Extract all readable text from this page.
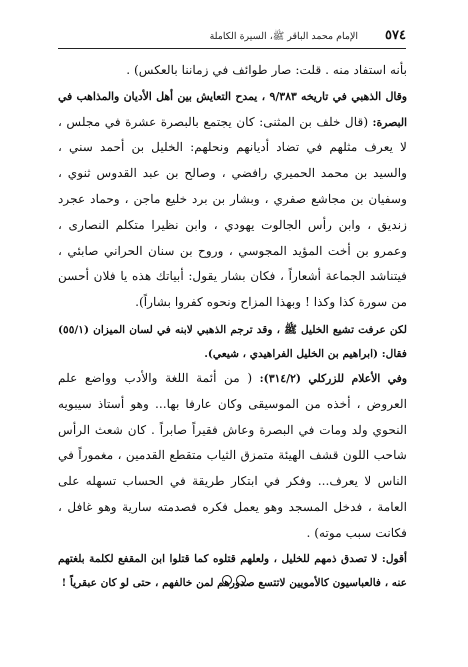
٥٧٤
الإمام محمد الباقر ﷺ، السيرة الكاملة

بأنه استفاد منه . قلت: صار طوائف في زماننا بالعكس) .

وقال الذهبي في تاريخه ٩/٣٨٣ ، يمدح التعايش بين أهل الأديان والمذاهب في البصرة: (قال خلف بن المثنى: كان يجتمع بالبصرة عشرة في مجلس ، لا يعرف مثلهم في تضاد أديانهم ونحلهم: الخليل بن أحمد سني ، والسيد بن محمد الحميري رافضي ، وصالح بن عبد القدوس ثنوي ، وسفيان بن مجاشع صفري ، وبشار بن برد خليع ماجن ، وحماد عجرد زنديق ، وابن رأس الجالوت يهودي ، وابن نظيرا متكلم النصارى ، وعمرو بن أخت المؤيد المجوسي ، وروح بن سنان الحراني صابئي ، فيتناشد الجماعة أشعاراً ، فكان بشار يقول: أبياتك هذه يا فلان أحسن من سورة كذا وكذا ! وبهذا المزاح ونحوه كفروا بشاراً).

لكن عرفت تشيع الخليل ﷺ ، وقد ترجم الذهبي لابنه في لسان الميزان (٥٥/١) فقال: (ابراهيم بن الخليل الفراهيدي ، شيعي).

وفي الأعلام للزركلي (٣١٤/٢): ( من أئمة اللغة والأدب وواضع علم العروض ، أخذه من الموسيقى وكان عارفا بها... وهو أستاذ سيبويه النحوي ولد ومات في البصرة وعاش فقيراً صابراً . كان شعث الرأس شاحب اللون قشف الهيئة متمزق الثياب متقطع القدمين ، مغموراً في الناس لا يعرف... وفكر في ابتكار طريقة في الحساب تسهله على العامة ، فدخل المسجد وهو يعمل فكره فصدمته سارية وهو غافل ، فكانت سبب موته) .

أقول: لا تصدق ذمهم للخليل ، ولعلهم قتلوه كما قتلوا ابن المقفع لكلمة بلغتهم عنه ، فالعباسيون كالأمويين لاتتسع صدورهم لمن خالفهم ، حتى لو كان عبقرياً !
